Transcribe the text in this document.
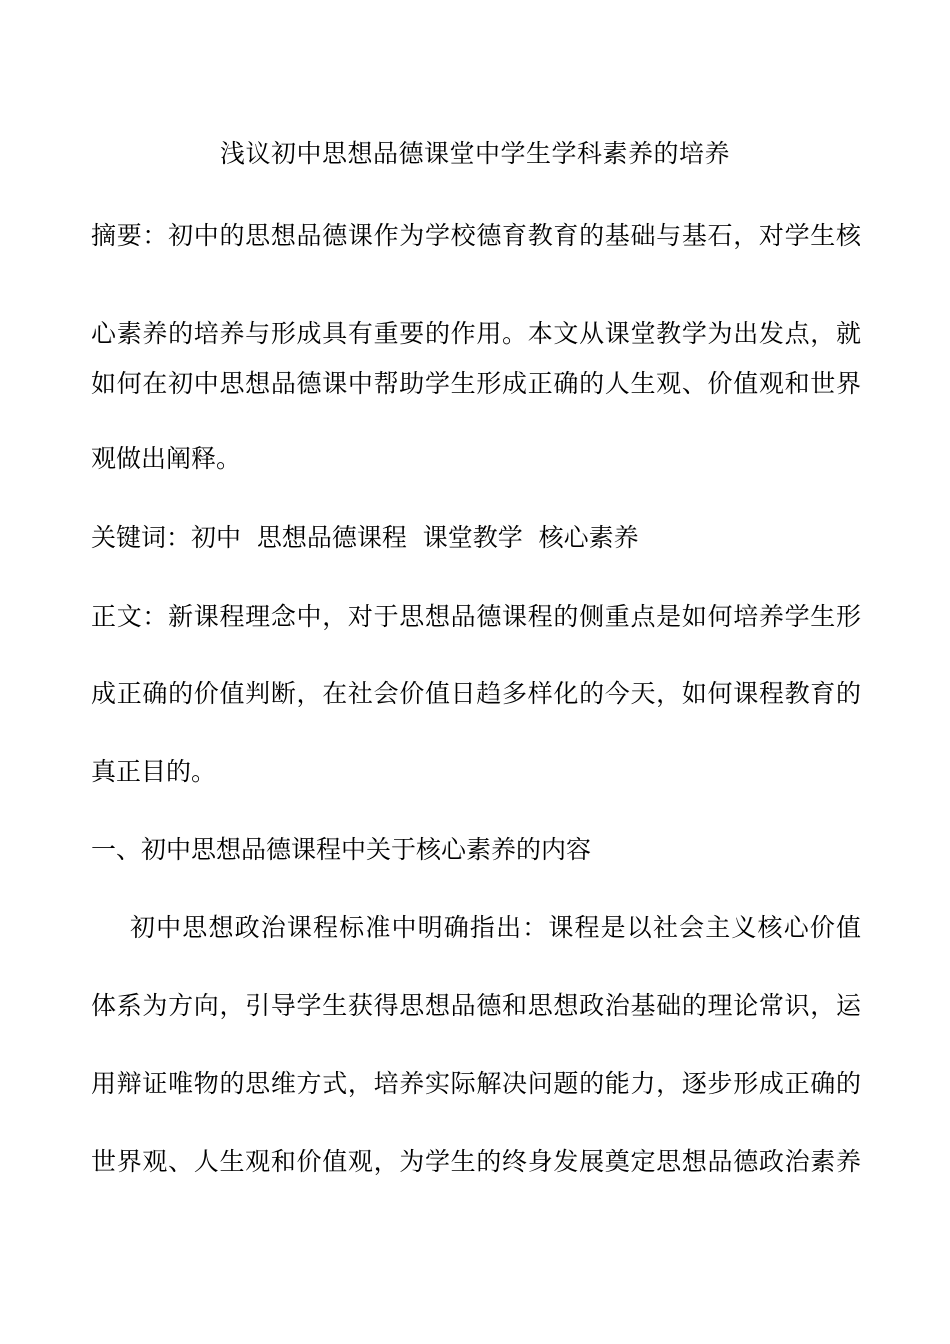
浅议初中思想品德课堂中学生学科素养的培养
摘要：初中的思想品德课作为学校德育教育的基础与基石，对学生核
心素养的培养与形成具有重要的作用。本文从课堂教学为出发点，就
如何在初中思想品德课中帮助学生形成正确的人生观、价值观和世界
观做出阐释。
关键词：初中  思想品德课程  课堂教学  核心素养
正文：新课程理念中，对于思想品德课程的侧重点是如何培养学生形
成正确的价值判断，在社会价值日趋多样化的今天，如何课程教育的
真正目的。
一、初中思想品德课程中关于核心素养的内容
初中思想政治课程标准中明确指出：课程是以社会主义核心价值
体系为方向，引导学生获得思想品德和思想政治基础的理论常识，运
用辩证唯物的思维方式，培养实际解决问题的能力，逐步形成正确的
世界观、人生观和价值观，为学生的终身发展奠定思想品德政治素养
